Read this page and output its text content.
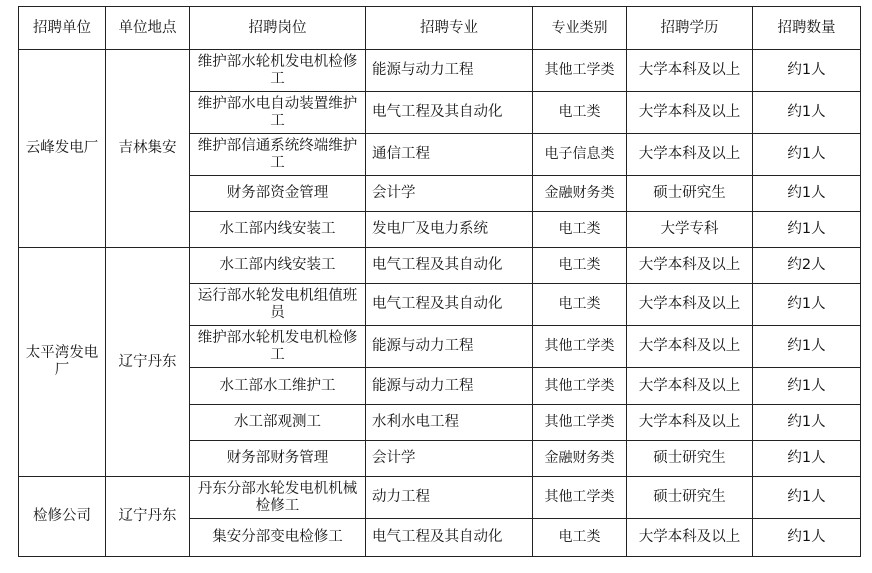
招聘单位	单位地点	招聘岗位	招聘专业	专业类别	招聘学历	招聘数量
云峰发电厂	吉林集安	维护部水轮机发电机检修工	能源与动力工程	其他工学类	大学本科及以上	约1人
		维护部水电自动装置维护工	电气工程及其自动化	电工类	大学本科及以上	约1人
		维护部信通系统终端维护工	通信工程	电子信息类	大学本科及以上	约1人
		财务部资金管理	会计学	金融财务类	硕士研究生	约1人
		水工部内线安装工	发电厂及电力系统	电工类	大学专科	约1人
太平湾发电厂	辽宁丹东	水工部内线安装工	电气工程及其自动化	电工类	大学本科及以上	约2人
		运行部水轮发电机组值班员	电气工程及其自动化	电工类	大学本科及以上	约1人
		维护部水轮机发电机检修工	能源与动力工程	其他工学类	大学本科及以上	约1人
		水工部水工维护工	能源与动力工程	其他工学类	大学本科及以上	约1人
		水工部观测工	水利水电工程	其他工学类	大学本科及以上	约1人
		财务部财务管理	会计学	金融财务类	硕士研究生	约1人
检修公司	辽宁丹东	丹东分部水轮发电机机械检修工	动力工程	其他工学类	硕士研究生	约1人
		集安分部变电检修工	电气工程及其自动化	电工类	大学本科及以上	约1人
